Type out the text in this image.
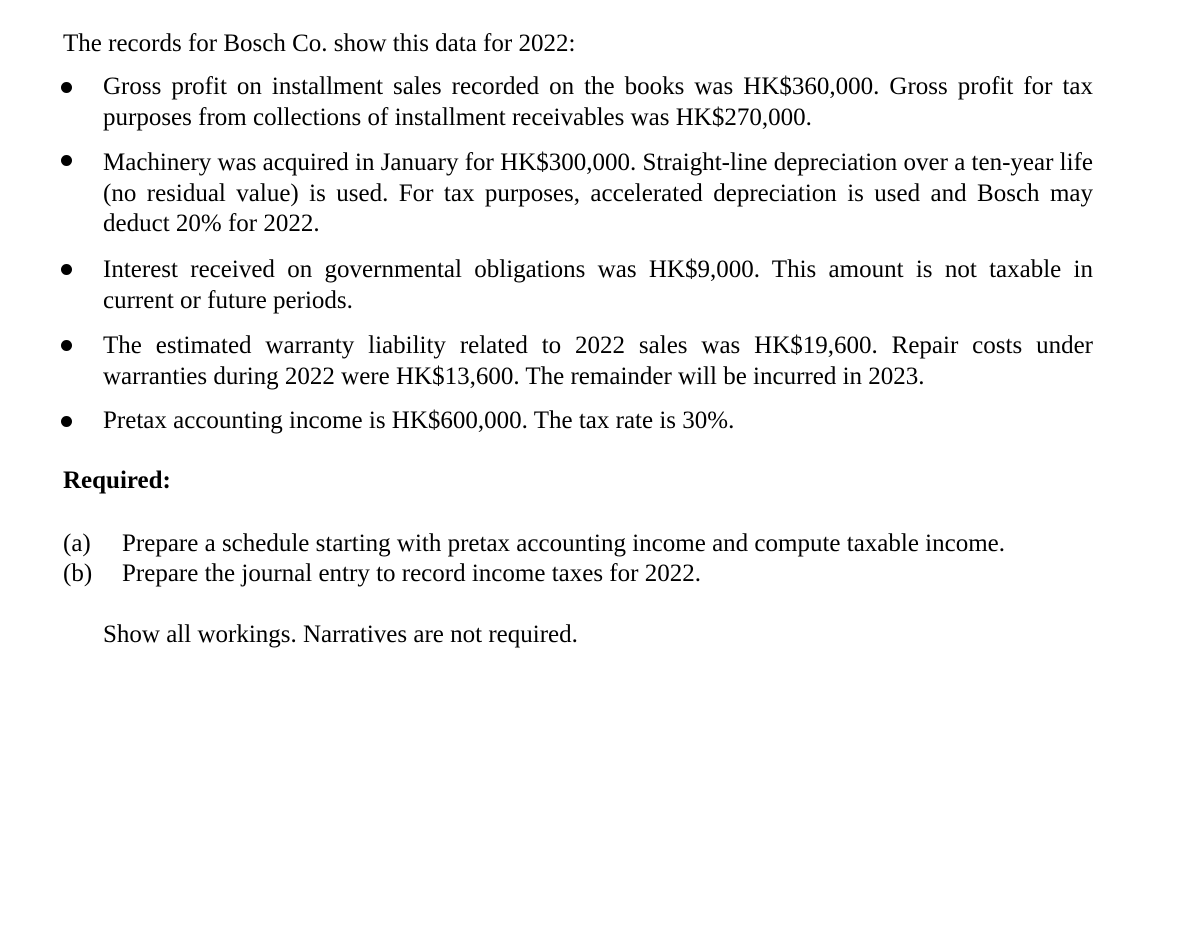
The records for Bosch Co. show this data for 2022:
Gross profit on installment sales recorded on the books was HK$360,000. Gross profit for tax purposes from collections of installment receivables was HK$270,000.
Machinery was acquired in January for HK$300,000. Straight-line depreciation over a ten-year life (no residual value) is used. For tax purposes, accelerated depreciation is used and Bosch may deduct 20% for 2022.
Interest received on governmental obligations was HK$9,000. This amount is not taxable in current or future periods.
The estimated warranty liability related to 2022 sales was HK$19,600. Repair costs under warranties during 2022 were HK$13,600. The remainder will be incurred in 2023.
Pretax accounting income is HK$600,000. The tax rate is 30%.
Required:
(a) Prepare a schedule starting with pretax accounting income and compute taxable income.
(b) Prepare the journal entry to record income taxes for 2022.
Show all workings. Narratives are not required.
